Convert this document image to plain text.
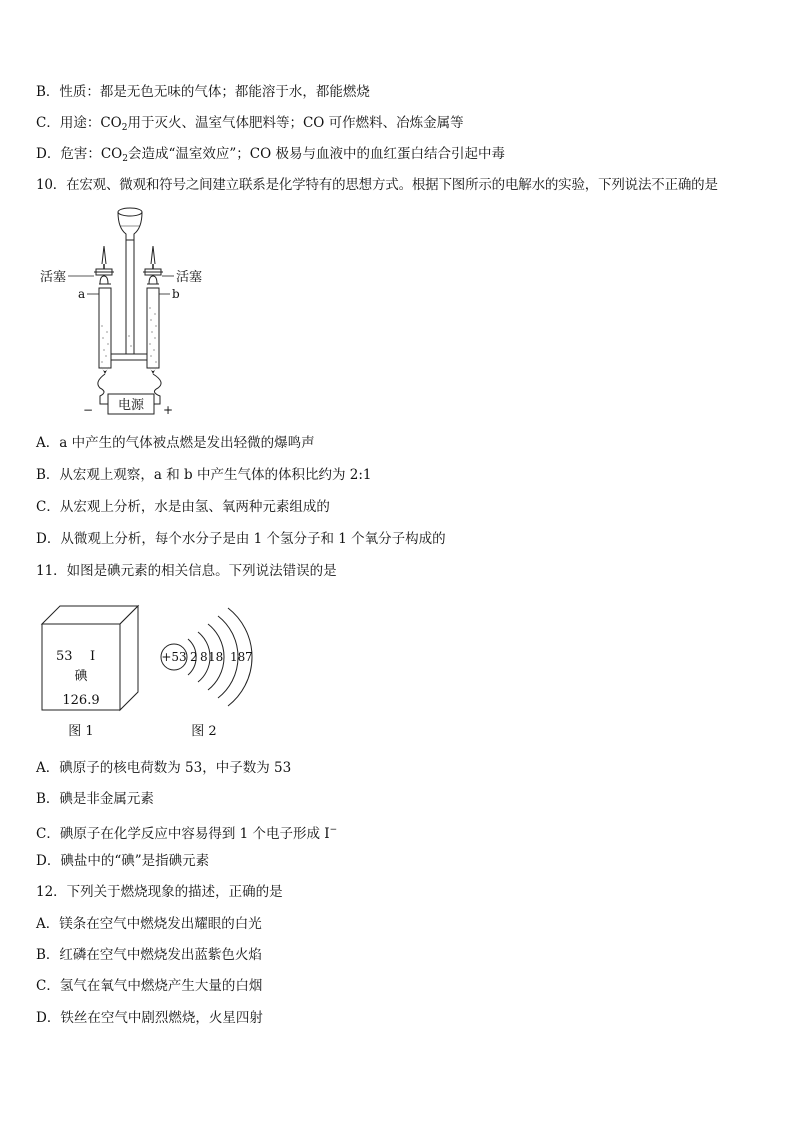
B．性质：都是无色无味的气体；都能溶于水，都能燃烧
C．用途：$CO_2$用于灭火、温室气体肥料等；CO 可作燃料、冶炼金属等
D．危害：$CO_2$会造成“温室效应”；CO 极易与血液中的血红蛋白结合引起中毒
10．在宏观、微观和符号之间建立联系是化学特有的思想方式。根据下图所示的电解水的实验，下列说法不正确的是
电源
−	+
活塞
a
活塞
b
A．a 中产生的气体被点燃是发出轻微的爆鸣声
B．从宏观上观察，a 和 b 中产生气体的体积比约为 2:1
C．从宏观上分析，水是由氢、氧两种元素组成的
D．从微观上分析，每个水分子是由 1 个氢分子和 1 个氧分子构成的
11．如图是碘元素的相关信息。下列说法错误的是
53 I
碘
126.9
图 1
+53 2 8 18 18 7
图 2
A．碘原子的核电荷数为 53，中子数为 53
B．碘是非金属元素
C．碘原子在化学反应中容易得到 1 个电子形成 I−
D．碘盐中的“碘”是指碘元素
12．下列关于燃烧现象的描述，正确的是
A．镁条在空气中燃烧发出耀眼的白光
B．红磷在空气中燃烧发出蓝紫色火焰
C．氢气在氧气中燃烧产生大量的白烟
D．铁丝在空气中剧烈燃烧，火星四射
